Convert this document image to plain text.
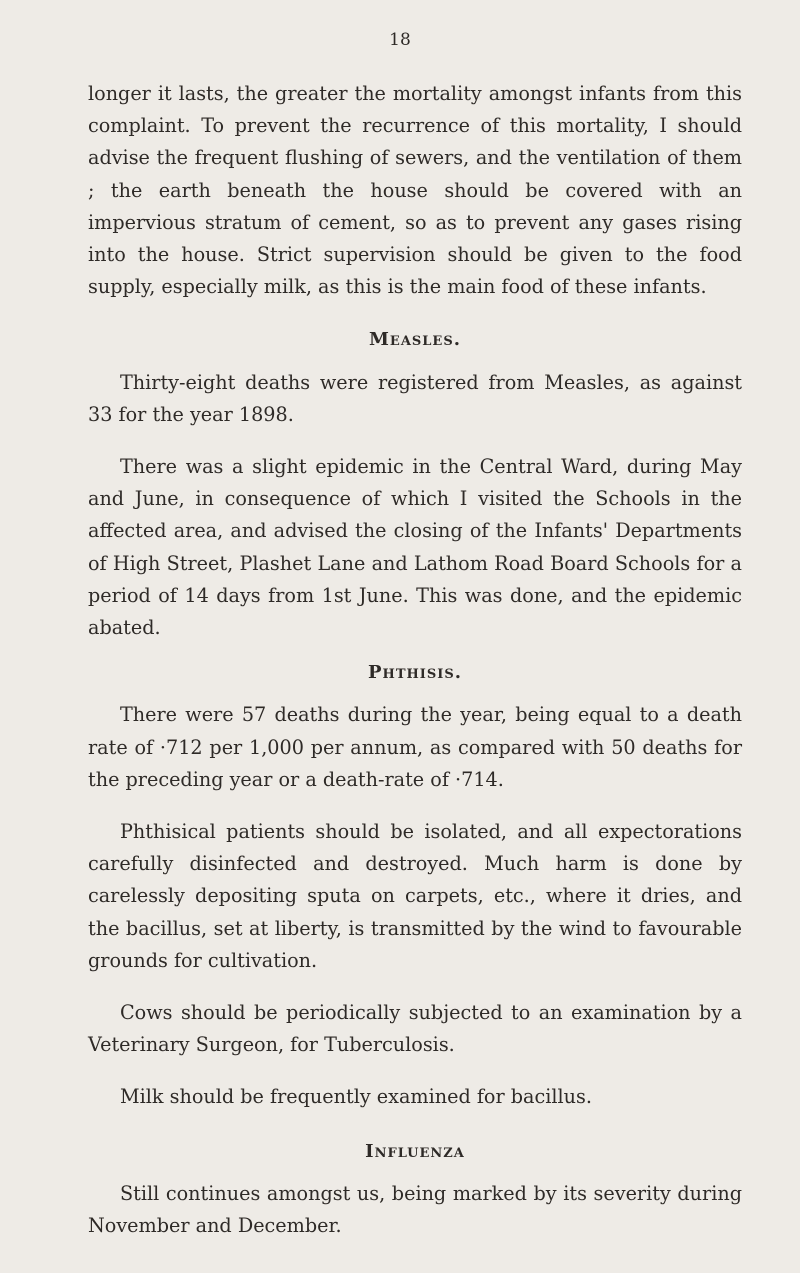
18

longer it lasts, the greater the mortality amongst infants from this complaint. To prevent the recurrence of this mortality, I should advise the frequent flushing of sewers, and the ventilation of them ; the earth beneath the house should be covered with an impervious stratum of cement, so as to prevent any gases rising into the house. Strict supervision should be given to the food supply, especially milk, as this is the main food of these infants.

Measles.

Thirty-eight deaths were registered from Measles, as against 33 for the year 1898.

There was a slight epidemic in the Central Ward, during May and June, in consequence of which I visited the Schools in the affected area, and advised the closing of the Infants' Departments of High Street, Plashet Lane and Lathom Road Board Schools for a period of 14 days from 1st June. This was done, and the epidemic abated.

Phthisis.

There were 57 deaths during the year, being equal to a death rate of ·712 per 1,000 per annum, as compared with 50 deaths for the preceding year or a death-rate of ·714.

Phthisical patients should be isolated, and all expectorations carefully disinfected and destroyed. Much harm is done by carelessly depositing sputa on carpets, etc., where it dries, and the bacillus, set at liberty, is transmitted by the wind to favourable grounds for cultivation.

Cows should be periodically subjected to an examination by a Veterinary Surgeon, for Tuberculosis.

Milk should be frequently examined for bacillus.

Influenza

Still continues amongst us, being marked by its severity during November and December.
